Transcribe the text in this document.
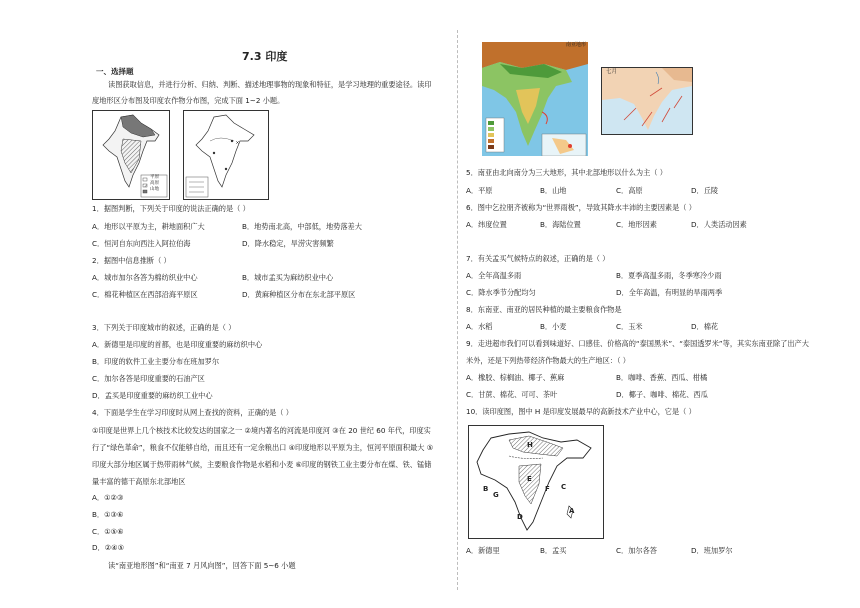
7.3 印度
一、选择题
读图获取信息，并进行分析、归纳、判断、描述地理事物的现象和特征，是学习地理的重要途径。读印
度地形区分布图及印度农作物分布图，完成下面 1~2 小题。
平原
高原
山地
1．据图判断，下列关于印度的说法正确的是（ ）
A．地形以平原为主，耕地面积广大	B．地势南北高，中部低，地势落差大
C．恒河自东向西注入阿拉伯海	D．降水稳定，旱涝灾害频繁
2．据图中信息推断（ ）
A．城市加尔各答为棉纺织业中心	B．城市孟买为麻纺织业中心
C．棉花种植区在西部沿海平原区	D．黄麻种植区分布在东北部平原区
3．下列关于印度城市的叙述，正确的是（ ）
A．新德里是印度的首都，也是印度重要的麻纺织中心
B．印度的软件工业主要分布在班加罗尔
C．加尔各答是印度重要的石油产区
D．孟买是印度重要的麻纺织工业中心
4．下面是学生在学习印度时从网上查找的资料，正确的是（ ）
①印度是世界上几个核技术比较发达的国家之一 ②境内著名的河流是印度河 ③在 20 世纪 60 年代，印度实
行了“绿色革命”，粮食不仅能够自给，而且还有一定余粮出口 ④印度地形以平原为主，恒河平原面积最大 ⑤
印度大部分地区属于热带雨林气候，主要粮食作物是水稻和小麦 ⑥印度的钢铁工业主要分布在煤、铁、锰储
量丰富的德干高原东北部地区
A．①②③
B．①③⑥
C．①⑤⑥
D．②④⑤
读“南亚地形图”和“南亚 7 月风向图”，回答下面 5~6 小题
南亚地形
七月
5．南亚由北向南分为三大地形，其中北部地形以什么为主（ ）
A．平原	B．山地	C．高原	D．丘陵
6．图中乞拉朋齐被称为“世界雨极”，导致其降水丰沛的主要因素是（ ）
A．纬度位置	B．海陆位置	C．地形因素	D．人类活动因素
7．有关孟买气候特点的叙述，正确的是（ ）
A．全年高温多雨	B．夏季高温多雨，冬季寒冷少雨
C．降水季节分配均匀	D．全年高温，有明显的旱雨两季
8．东南亚、南亚的居民种植的最主要粮食作物是
A．水稻	B．小麦	C．玉米	D．棉花
9．走进超市我们可以看到味道好、口感佳、价格高的“泰国黑米”、“泰国透罗米”等，其实东南亚除了出产大
米外，还是下列热带经济作物最大的生产地区：（ ）
A．橡胶、棕榈油、椰子、蕉麻	B．咖啡、香蕉、西瓜、柑橘
C．甘蔗、棉花、可可、茶叶	D．椰子、咖啡、棉花、西瓜
10．读印度图，图中 H 是印度发展最早的高新技术产业中心，它是（ ）
H
B
G
E
F C
D
A
A．新德里	B．孟买	C．加尔各答	D．班加罗尔
